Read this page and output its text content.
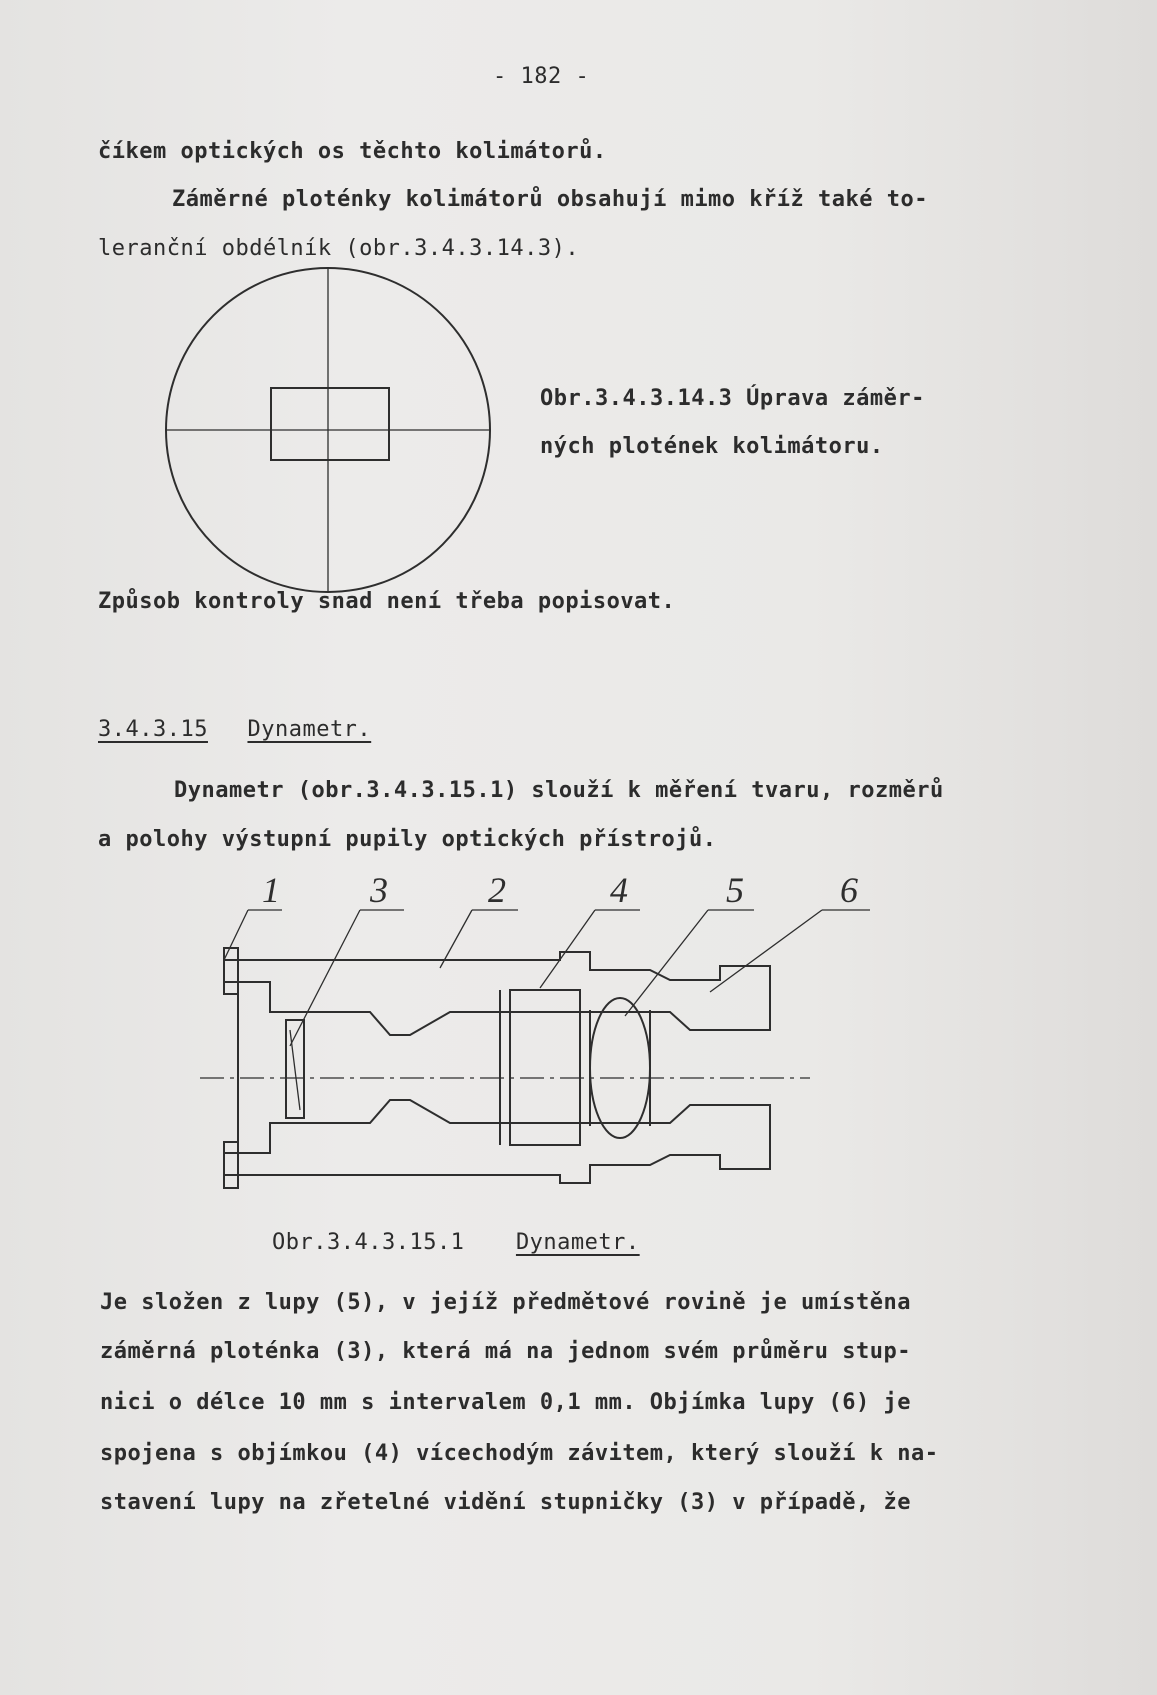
- 182 -
číkem optických os těchto kolimátorů.
Záměrné ploténky kolimátorů obsahují mimo kříž také to-
leranční obdélník (obr.3.4.3.14.3).
Obr.3.4.3.14.3 Úprava záměr-
ných plotének kolimátoru.
Způsob kontroly snad není třeba popisovat.
3.4.3.15 Dynametr.
Dynametr (obr.3.4.3.15.1) slouží k měření tvaru, rozměrů
a polohy výstupní pupily optických přístrojů.
1	3	2	4	5	6
Obr.3.4.3.15.1 Dynametr.
Je složen z lupy (5), v jejíž předmětové rovině je umístěna
záměrná ploténka (3), která má na jednom svém průměru stup-
nici o délce 10 mm s intervalem 0,1 mm. Objímka lupy (6) je
spojena s objímkou (4) vícechodým závitem, který slouží k na-
stavení lupy na zřetelné vidění stupničky (3) v případě, že
